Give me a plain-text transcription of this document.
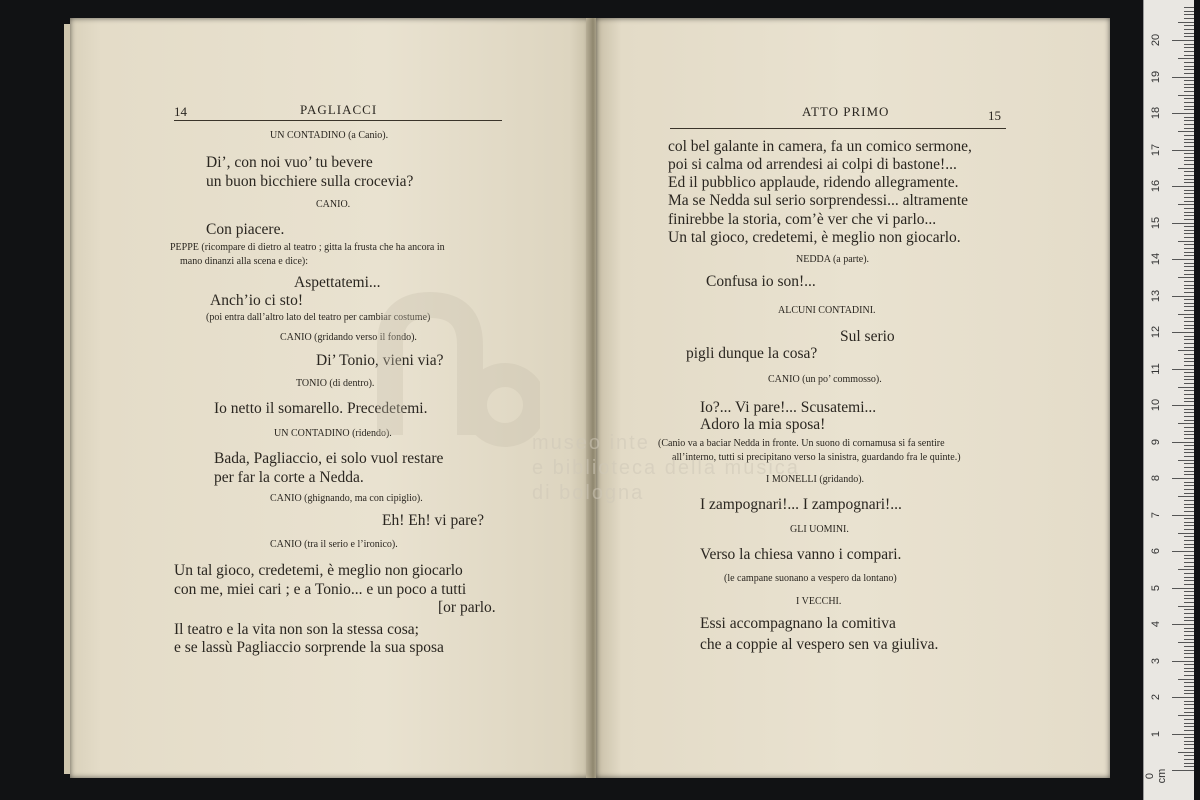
14	PAGLIACCI
UN CONTADINO (a Canio).
Di’, con noi vuo’ tu bevere
un buon bicchiere sulla crocevia?
CANIO.
Con piacere.
PEPPE (ricompare di dietro al teatro ; gitta la frusta che ha ancora in
mano dinanzi alla scena e dice):
Aspettatemi...
Anch’io ci sto!
(poi entra dall’altro lato del teatro per cambiar costume)
CANIO (gridando verso il fondo).
Di’ Tonio, vieni via?
TONIO (di dentro).
Io netto il somarello. Precedetemi.
UN CONTADINO (ridendo).
Bada, Pagliaccio, ei solo vuol restare
per far la corte a Nedda.
CANIO (ghignando, ma con cipiglio).
Eh! Eh! vi pare?
CANIO (tra il serio e l’ironico).
Un tal gioco, credetemi, è meglio non giocarlo
con me, miei cari ; e a Tonio... e un poco a tutti
[or parlo.
Il teatro e la vita non son la stessa cosa;
e se lassù Pagliaccio sorprende la sua sposa
ATTO PRIMO	15
col bel galante in camera, fa un comico sermone,
poi si calma od arrendesi ai colpi di bastone!...
Ed il pubblico applaude, ridendo allegramente.
Ma se Nedda sul serio sorprendessi... altramente
finirebbe la storia, com’è ver che vi parlo...
Un tal gioco, credetemi, è meglio non giocarlo.
NEDDA (a parte).
Confusa io son!...
ALCUNI CONTADINI.
Sul serio
pigli dunque la cosa?
CANIO (un po’ commosso).
Io?... Vi pare!... Scusatemi...
Adoro la mia sposa!
(Canio va a baciar Nedda in fronte. Un suono di cornamusa si fa sentire
all’interno, tutti si precipitano verso la sinistra, guardando fra le quinte.)
I MONELLI (gridando).
I zampognari!... I zampognari!...
GLI UOMINI.
Verso la chiesa vanno i compari.
(le campane suonano a vespero da lontano)
I VECCHI.
Essi accompagnano la comitiva
che a coppie al vespero sen va giuliva.
museo inte
e biblioteca della musica
di bologna
0 cm
1
2
3
4
5
6
7
8
9
10
11
12
13
14
15
16
17
18
19
20
